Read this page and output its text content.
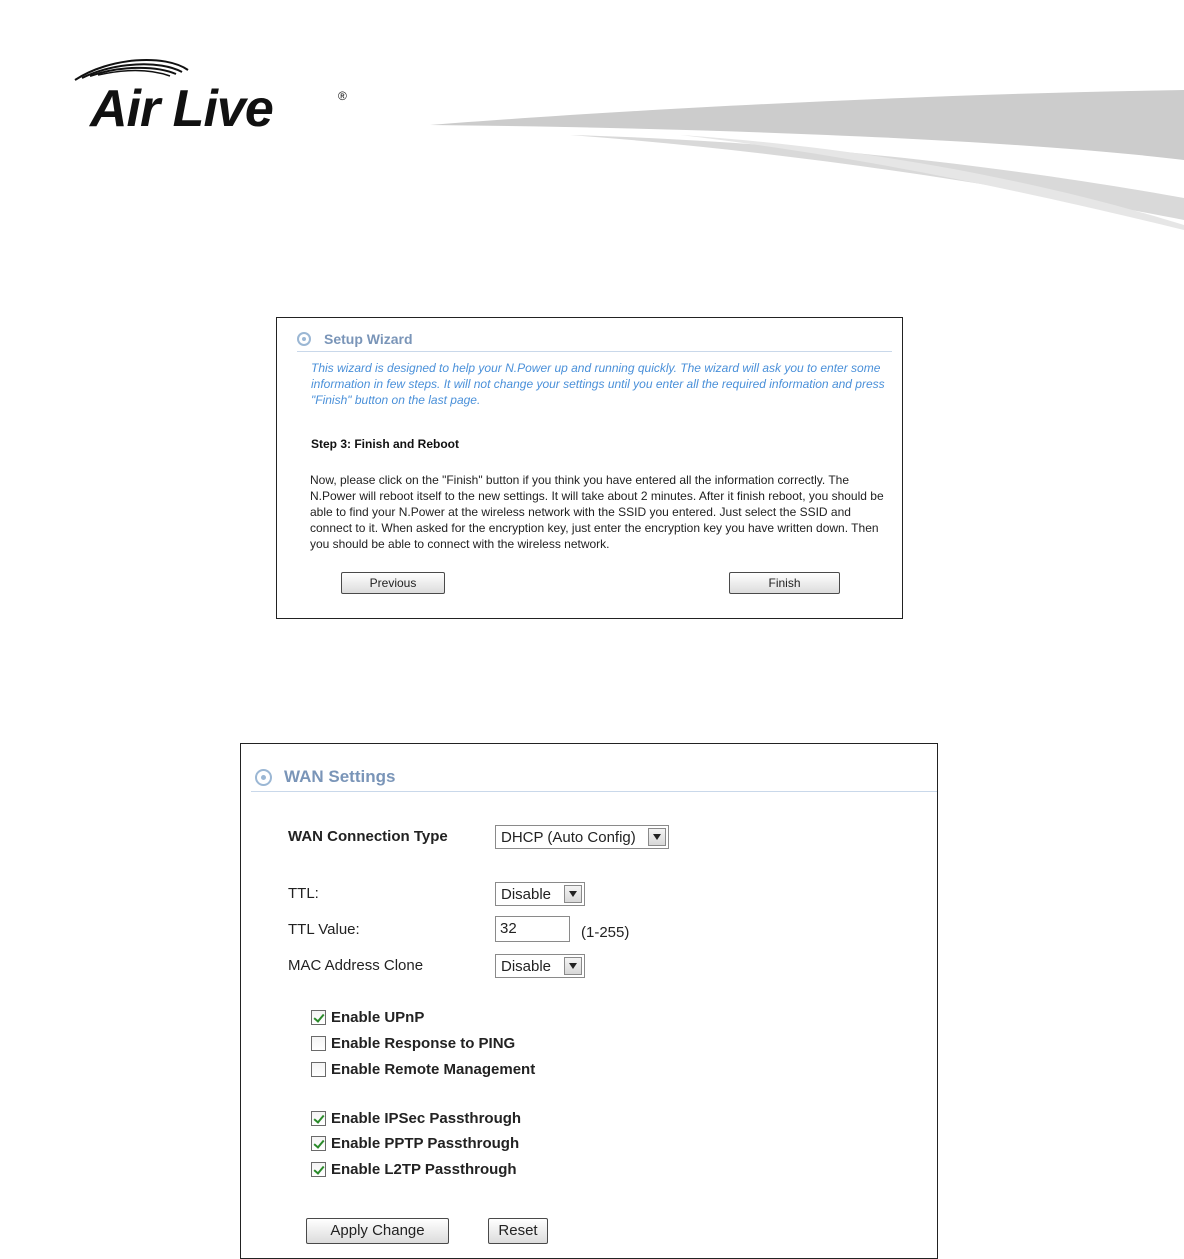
Air Live	®
Setup Wizard
This wizard is designed to help your N.Power up and running quickly. The wizard will ask you to enter some information in few steps. It will not change your settings until you enter all the required information and press "Finish" button on the last page.
Step 3: Finish and Reboot
Now, please click on the "Finish" button if you think you have entered all the information correctly. The N.Power will reboot itself to the new settings. It will take about 2 minutes. After it finish reboot, you should be able to find your N.Power at the wireless network with the SSID you entered. Just select the SSID and connect to it. When asked for the encryption key, just enter the encryption key you have written down. Then you should be able to connect with the wireless network.
Previous	Finish
WAN Settings
WAN Connection Type	DHCP (Auto Config)
TTL:	Disable
TTL Value:	32	(1-255)
MAC Address Clone	Disable
Enable UPnP
Enable Response to PING
Enable Remote Management
Enable IPSec Passthrough
Enable PPTP Passthrough
Enable L2TP Passthrough
Apply Change	Reset
